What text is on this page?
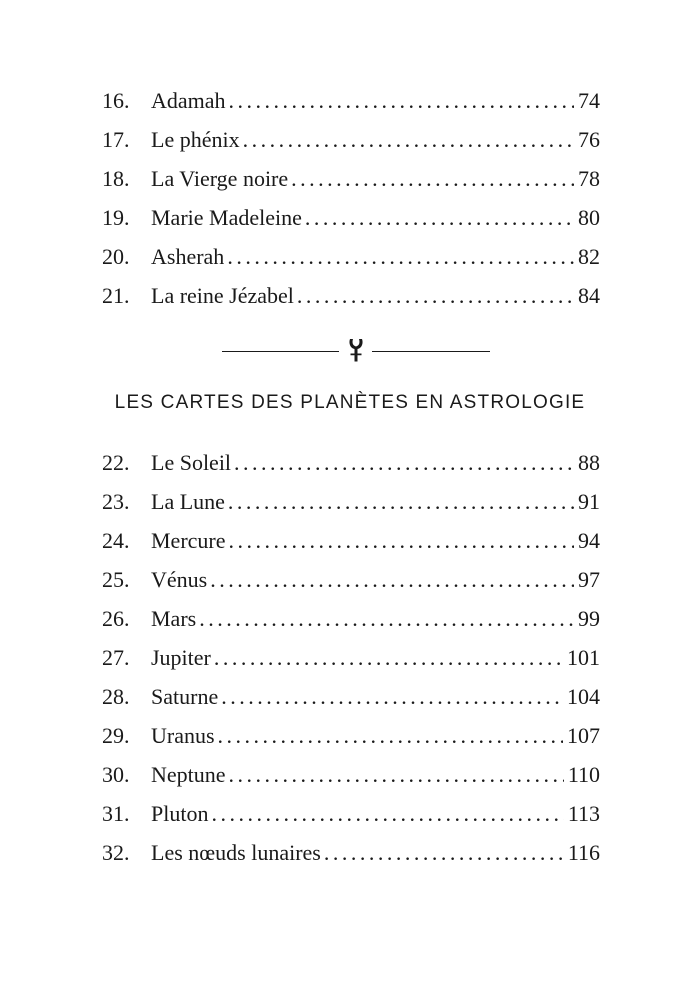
16. Adamah . . .	74
17. Le phénix . . .	76
18. La Vierge noire . . .	78
19. Marie Madeleine . . .	80
20. Asherah . . .	82
21. La reine Jézabel . . .	84
LES CARTES DES PLANÈTES EN ASTROLOGIE
22. Le Soleil . . .	88
23. La Lune . . .	91
24. Mercure . . .	94
25. Vénus . . .	97
26. Mars . . .	99
27. Jupiter . . .	101
28. Saturne . . .	104
29. Uranus . . .	107
30. Neptune . . .	110
31. Pluton . . .	113
32. Les nœuds lunaires . . .	116
